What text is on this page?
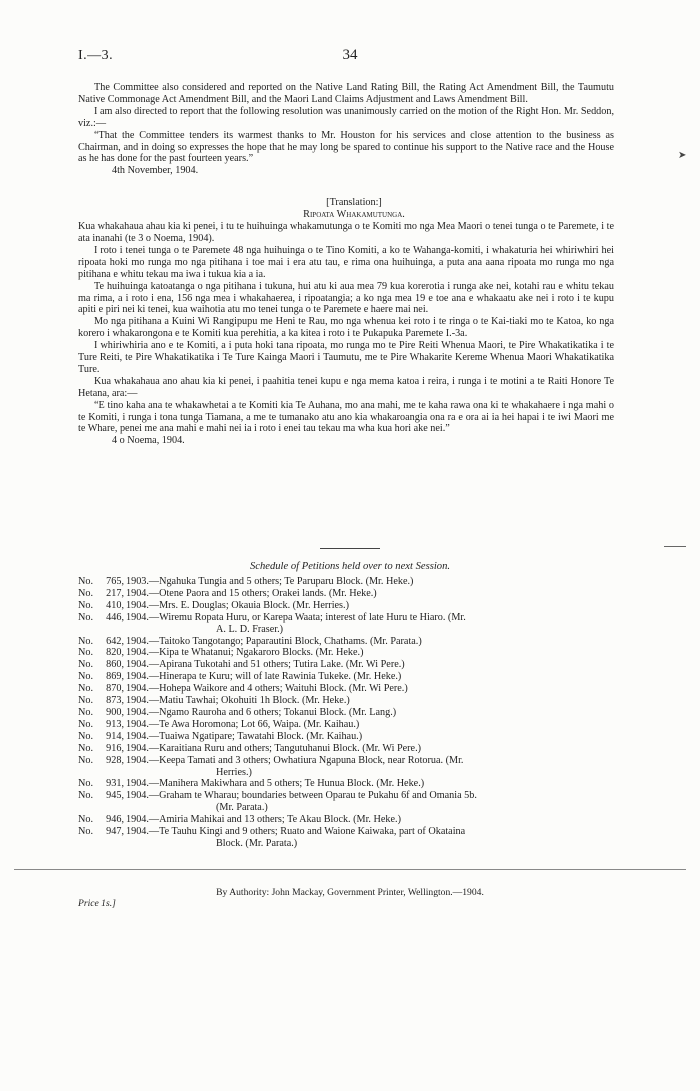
I.—3.	34

The Committee also considered and reported on the Native Land Rating Bill, the Rating Act Amendment Bill, the Taumutu Native Commonage Act Amendment Bill, and the Maori Land Claims Adjustment and Laws Amendment Bill.

I am also directed to report that the following resolution was unanimously carried on the motion of the Right Hon. Mr. Seddon, viz.:—

“That the Committee tenders its warmest thanks to Mr. Houston for his services and close attention to the business as Chairman, and in doing so expresses the hope that he may long be spared to continue his support to the Native race and the House as he has done for the past fourteen years.”

4th November, 1904.

[Translation:]

Ripoata Whakamutunga.

Kua whakahaua ahau kia ki penei, i tu te huihuinga whakamutunga o te Komiti mo nga Mea Maori o tenei tunga o te Paremete, i te ata inanahi (te 3 o Noema, 1904).

I roto i tenei tunga o te Paremete 48 nga huihuinga o te Tino Komiti, a ko te Wahanga-komiti, i whakaturia hei whiriwhiri hei ripoata hoki mo runga mo nga pitihana i toe mai i era atu tau, e rima ona huihuinga, a puta ana aana ripoata mo runga mo nga pitihana e whitu tekau ma iwa i tukua kia a ia.

Te huihuinga katoatanga o nga pitihana i tukuna, hui atu ki aua mea 79 kua korerotia i runga ake nei, kotahi rau e whitu tekau ma rima, a i roto i ena, 156 nga mea i whakahaerea, i ripoatangia; a ko nga mea 19 e toe ana e whakaatu ake nei i roto i te kupu apiti e piri nei ki tenei, kua waihotia atu mo tenei tunga o te Paremete e haere mai nei.

Mo nga pitihana a Kuini Wi Rangipupu me Heni te Rau, mo nga whenua kei roto i te ringa o te Kai-tiaki mo te Katoa, ko nga korero i whakarongona e te Komiti kua perehitia, a ka kitea i roto i te Pukapuka Paremete I.-3a.

I whiriwhiria ano e te Komiti, a i puta hoki tana ripoata, mo runga mo te Pire Reiti Whenua Maori, te Pire Whakatikatika i te Ture Reiti, te Pire Whakatikatika i Te Ture Kainga Maori i Taumutu, me te Pire Whakarite Kereme Whenua Maori Whakatikatika Ture.

Kua whakahaua ano ahau kia ki penei, i paahitia tenei kupu e nga mema katoa i reira, i runga i te motini a te Raiti Honore Te Hetana, ara:—

“E tino kaha ana te whakawhetai a te Komiti kia Te Auhana, mo ana mahi, me te kaha rawa ona ki te whakahaere i nga mahi o te Komiti, i runga i tona tunga Tiamana, a me te tumanako atu ano kia whakaroangia ona ra e ora ai ia hei hapai i te iwi Maori me te Whare, penei me ana mahi e mahi nei ia i roto i enei tau tekau ma wha kua hori ake nei.”

4 o Noema, 1904.

Schedule of Petitions held over to next Session.
No.	765, 1903.—Ngahuka Tungia and 5 others; Te Paruparu Block. (Mr. Heke.)
No.	217, 1904.—Otene Paora and 15 others; Orakei lands. (Mr. Heke.)
No.	410, 1904.—Mrs. E. Douglas; Okauia Block. (Mr. Herries.)
No.	446, 1904.—Wiremu Ropata Huru, or Karepa Waata; interest of late Huru te Hiaro. (Mr.
A. L. D. Fraser.)
No.	642, 1904.—Taitoko Tangotango; Paparautini Block, Chathams. (Mr. Parata.)
No.	820, 1904.—Kipa te Whatanui; Ngakaroro Blocks. (Mr. Heke.)
No.	860, 1904.—Apirana Tukotahi and 51 others; Tutira Lake. (Mr. Wi Pere.)
No.	869, 1904.—Hinerapa te Kuru; will of late Rawinia Tukeke. (Mr. Heke.)
No.	870, 1904.—Hohepa Waikore and 4 others; Waituhi Block. (Mr. Wi Pere.)
No.	873, 1904.—Matiu Tawhai; Okohuiti 1h Block. (Mr. Heke.)
No.	900, 1904.—Ngamo Rauroha and 6 others; Tokanui Block. (Mr. Lang.)
No.	913, 1904.—Te Awa Horomona; Lot 66, Waipa. (Mr. Kaihau.)
No.	914, 1904.—Tuaiwa Ngatipare; Tawatahi Block. (Mr. Kaihau.)
No.	916, 1904.—Karaitiana Ruru and others; Tangutuhanui Block. (Mr. Wi Pere.)
No.	928, 1904.—Keepa Tamati and 3 others; Owhatiura Ngapuna Block, near Rotorua. (Mr.
Herries.)
No.	931, 1904.—Manihera Makiwhara and 5 others; Te Hunua Block. (Mr. Heke.)
No.	945, 1904.—Graham te Wharau; boundaries between Oparau te Pukahu 6f and Omania 5b.
(Mr. Parata.)
No.	946, 1904.—Amiria Mahikai and 13 others; Te Akau Block. (Mr. Heke.)
No.	947, 1904.—Te Tauhu Kingi and 9 others; Ruato and Waione Kaiwaka, part of Okataina
Block. (Mr. Parata.)
By Authority: John Mackay, Government Printer, Wellington.—1904.
Price 1s.]
➤
